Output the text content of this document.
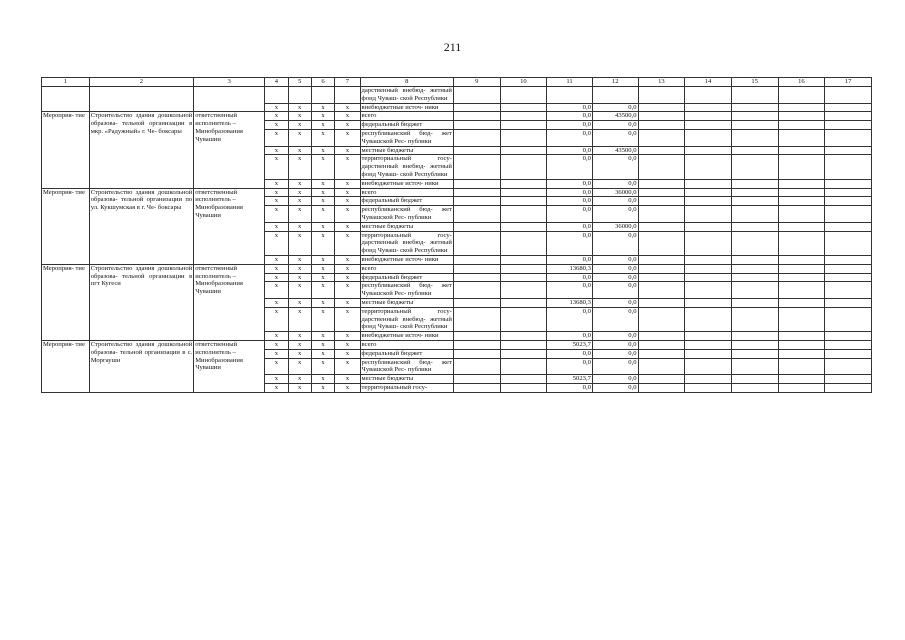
211
1	2	3	4	5	6	7	8	9	10	11	12	13	14	15	16	17
							дарственный внебюд- жетный фонд Чуваш- ской Республики									
			x	x	x	x	внебюджетные источ- ники			0,0	0,0					
Мероприя- тие	Строительство здания дошкольной образова- тельной организации в мкр. «Радужный» г. Че- боксары	ответственный исполнитель – Минобразования Чувашии	x	x	x	x	всего			0,0	43500,0					
			x	x	x	x	федеральный бюджет			0,0	0,0					
			x	x	x	x	республиканский бюд- жет Чувашской Рес- публики			0,0	0,0					
			x	x	x	x	местные бюджеты			0,0	43500,0					
			x	x	x	x	территориальный госу- дарственный внебюд- жетный фонд Чуваш- ской Республики			0,0	0,0					
			x	x	x	x	внебюджетные источ- ники			0,0	0,0					
Мероприя- тие	Строительство здания дошкольной образова- тельной организации по ул. Кукшумская в г. Че- боксары	ответственный исполнитель – Минобразования Чувашии	x	x	x	x	всего			0,0	36000,0					
			x	x	x	x	федеральный бюджет			0,0	0,0					
			x	x	x	x	республиканский бюд- жет Чувашской Рес- публики			0,0	0,0					
			x	x	x	x	местные бюджеты			0,0	36000,0					
			x	x	x	x	территориальный госу- дарственный внебюд- жетный фонд Чуваш- ской Республики			0,0	0,0					
			x	x	x	x	внебюджетные источ- ники			0,0	0,0					
Мероприя- тие	Строительство здания дошкольной образова- тельной организации в пгт Кугеси	ответственный исполнитель – Минобразования Чувашии	x	x	x	x	всего			13680,3	0,0					
			x	x	x	x	федеральный бюджет			0,0	0,0					
			x	x	x	x	республиканский бюд- жет Чувашской Рес- публики			0,0	0,0					
			x	x	x	x	местные бюджеты			13680,3	0,0					
			x	x	x	x	территориальный госу- дарственный внебюд- жетный фонд Чуваш- ской Республики			0,0	0,0					
			x	x	x	x	внебюджетные источ- ники			0,0	0,0					
Мероприя- тие	Строительство здания дошкольной образова- тельной организации в с. Моргаушн	ответственный исполнитель – Минобразования Чувашии	x	x	x	x	всего			5023,7	0,0					
			x	x	x	x	федеральный бюджет			0,0	0,0					
			x	x	x	x	республиканский бюд- жет Чувашской Рес- публики			0,0	0,0					
			x	x	x	x	местные бюджеты			5023,7	0,0					
			x	x	x	x	территориальный госу-			0,0	0,0					
